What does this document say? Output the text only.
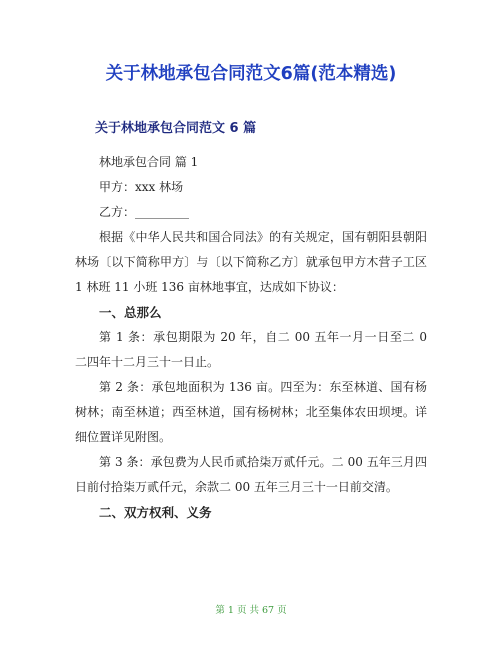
关于林地承包合同范文6篇(范本精选)
关于林地承包合同范文 6 篇

林地承包合同 篇 1

甲方：xxx 林场

乙方：_________

根据《中华人民共和国合同法》的有关规定，国有朝阳县朝阳林场〔以下简称甲方〕与〔以下简称乙方〕就承包甲方木营子工区 1 林班 11 小班 136 亩林地事宜，达成如下协议：

一、总那么

第 1 条：承包期限为 20 年，自二 00 五年一月一日至二 0 二四年十二月三十一日止。

第 2 条：承包地面积为 136 亩。四至为：东至林道、国有杨树林；南至林道；西至林道，国有杨树林；北至集体农田坝埂。详细位置详见附图。

第 3 条：承包费为人民币贰拾柒万贰仟元。二 00 五年三月四日前付拾柒万贰仟元，余款二 00 五年三月三十一日前交清。

二、双方权利、义务

第 1 页 共 67 页
